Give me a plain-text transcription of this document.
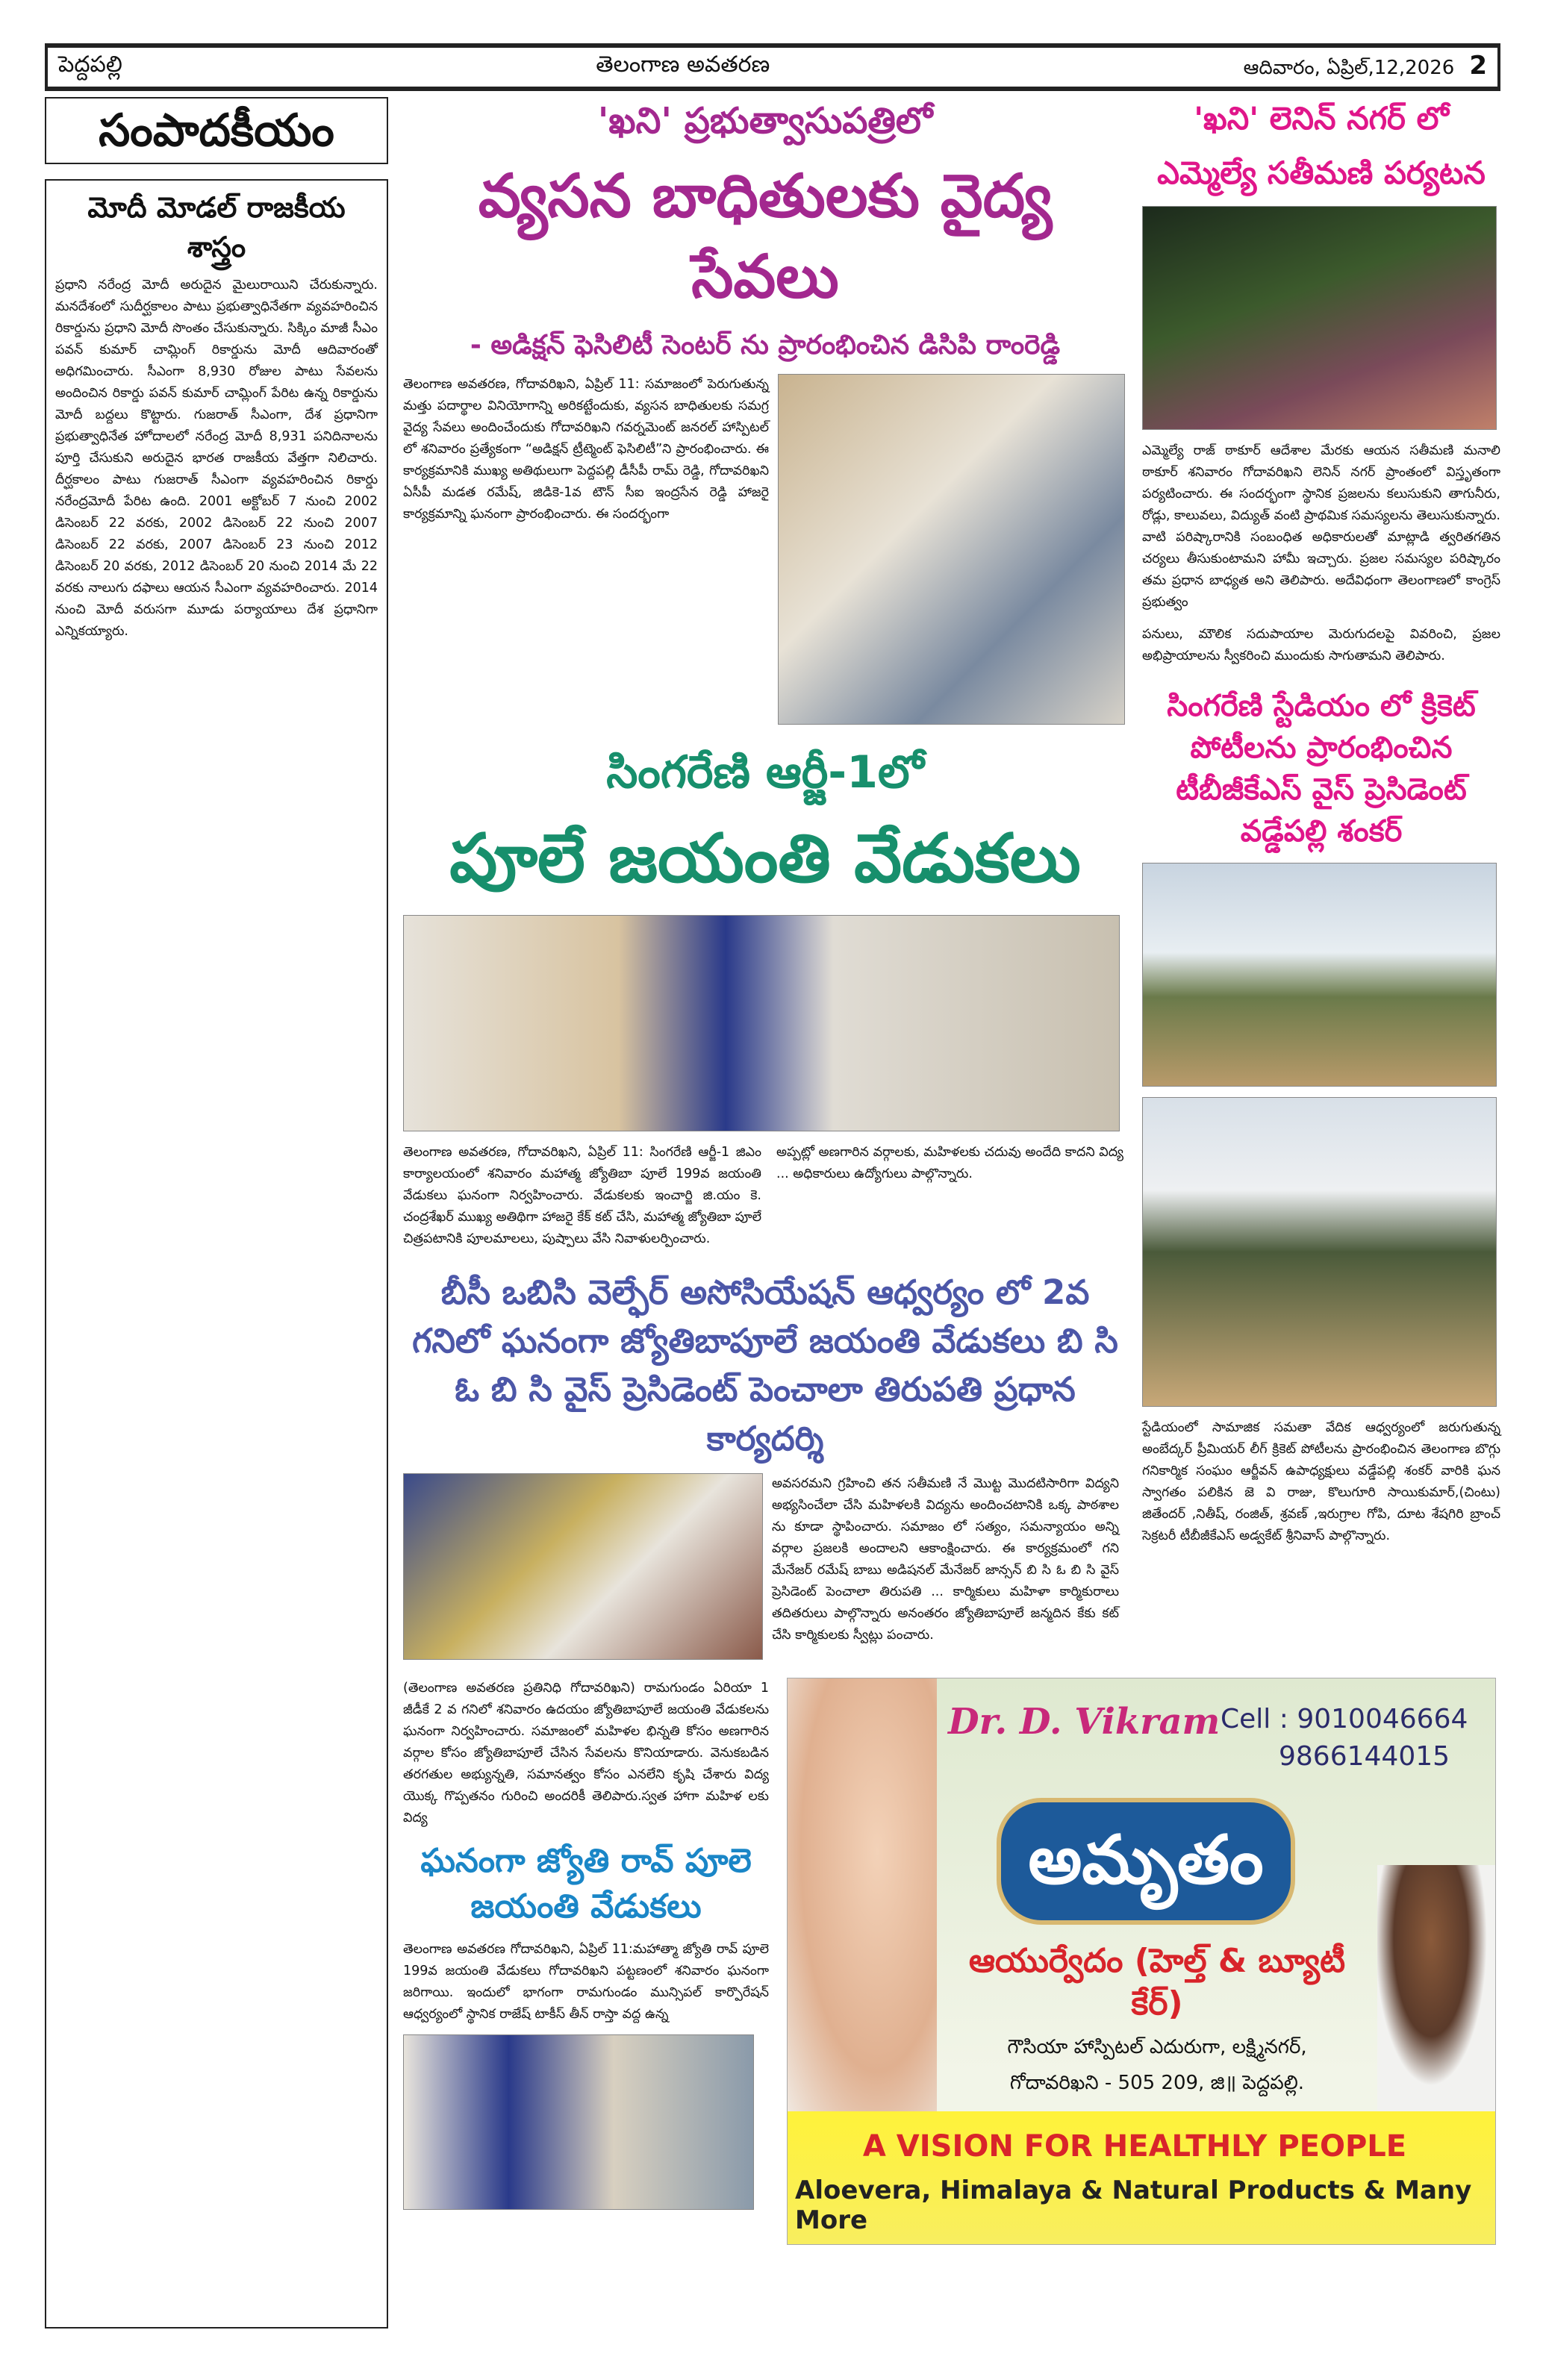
పెద్దపల్లి	తెలంగాణ అవతరణ	ఆదివారం, ఏప్రిల్,12,2026 2
సంపాదకీయం
మోదీ మోడల్ రాజకీయ శాస్త్రం

ప్రధాని నరేంద్ర మోదీ అరుదైన మైలురాయిని చేరుకున్నారు. మనదేశంలో సుదీర్ఘకాలం పాటు ప్రభుత్వాధినేతగా వ్యవహరించిన రికార్డును ప్రధాని మోదీ సొంతం చేసుకున్నారు. సిక్కిం మాజీ సీఎం పవన్ కుమార్ చామ్లింగ్ రికార్డును మోదీ ఆదివారంతో అధిగమించారు. సీఎంగా 8,930 రోజుల పాటు సేవలను అందించిన రికార్డు పవన్ కుమార్ చామ్లింగ్ పేరిట ఉన్న రికార్డును మోదీ బద్దలు కొట్టారు. గుజరాత్ సీఎంగా, దేశ ప్రధానిగా ప్రభుత్వాధినేత హోదాలలో నరేంద్ర మోదీ 8,931 పనిదినాలను పూర్తి చేసుకుని అరుదైన భారత రాజకీయ వేత్తగా నిలిచారు. దీర్ఘకాలం పాటు గుజరాత్ సీఎంగా వ్యవహరించిన రికార్డు నరేంద్రమోదీ పేరిట ఉంది. 2001 అక్టోబర్ 7 నుంచి 2002 డిసెంబర్ 22 వరకు, 2002 డిసెంబర్ 22 నుంచి 2007 డిసెంబర్ 22 వరకు, 2007 డిసెంబర్ 23 నుంచి 2012 డిసెంబర్ 20 వరకు, 2012 డిసెంబర్ 20 నుంచి 2014 మే 22 వరకు నాలుగు దఫాలు ఆయన సీఎంగా వ్యవహరించారు. 2014 నుంచి మోదీ వరుసగా మూడు పర్యాయాలు దేశ ప్రధానిగా ఎన్నికయ్యారు.

'ఖని' ప్రభుత్వాసుపత్రిలో
వ్యసన బాధితులకు వైద్య సేవలు
- అడిక్షన్ ఫెసిలిటీ సెంటర్ ను ప్రారంభించిన డిసిపి రాంరెడ్డి

తెలంగాణ అవతరణ, గోదావరిఖని, ఏప్రిల్ 11: సమాజంలో పెరుగుతున్న మత్తు పదార్థాల వినియోగాన్ని అరికట్టేందుకు, వ్యసన బాధితులకు సమగ్ర వైద్య సేవలు అందించేందుకు గోదావరిఖని గవర్నమెంట్ జనరల్ హాస్పిటల్ లో శనివారం ప్రత్యేకంగా “అడిక్షన్ ట్రీట్మెంట్ ఫెసిలిటీ”ని ప్రారంభించారు. ఈ కార్యక్రమానికి ముఖ్య అతిథులుగా పెద్దపల్లి డీసీపీ రామ్ రెడ్డి, గోదావరిఖని ఏసీపీ మడత రమేష్, జిడికె-1వ టౌన్ సీఐ ఇంద్రసేన రెడ్డి హాజరై కార్యక్రమాన్ని ఘనంగా ప్రారంభించారు. ఈ సందర్భంగా

సింగరేణి ఆర్జీ-1లో
పూలే జయంతి వేడుకలు

తెలంగాణ అవతరణ, గోదావరిఖని, ఏప్రిల్ 11: సింగరేణి ఆర్జీ-1 జిఎం కార్యాలయంలో శనివారం మహాత్మ జ్యోతిబా పూలే 199వ జయంతి వేడుకలు ఘనంగా నిర్వహించారు. వేడుకలకు ఇంచార్జి జి.యం కె. చంద్రశేఖర్ ముఖ్య అతిథిగా హాజరై కేక్ కట్ చేసి, మహాత్మ జ్యోతిబా పూలే చిత్రపటానికి పూలమాలలు, పుష్పాలు వేసి నివాళులర్పించారు.

అప్పట్లో అణగారిన వర్గాలకు, మహిళలకు చదువు అందేది కాదని విద్య ... అధికారులు ఉద్యోగులు పాల్గొన్నారు.

బీసీ ఒబిసి వెల్ఫేర్ అసోసియేషన్ ఆధ్వర్యం లో 2వ గనిలో ఘనంగా జ్యోతిబాపూలే జయంతి వేడుకలు బి సి ఓ బి సి వైస్ ప్రెసిడెంట్ పెంచాలా తిరుపతి ప్రధాన కార్యదర్శి

అవసరమని గ్రహించి తన సతీమణి నే మొట్ట మొదటిసారిగా విద్యని అభ్యసించేలా చేసి మహిళలకి విద్యను అందించటానికి ఒక్క పాఠశాల ను కూడా స్థాపించారు. సమాజం లో సత్యం, సమన్యాయం అన్ని వర్గాల ప్రజలకి అందాలని ఆకాంక్షించారు. ఈ కార్యక్రమంలో గని మేనేజర్ రమేష్ బాబు అడిషనల్ మేనేజర్ జాన్సన్ బి సి ఓ బి సి వైస్ ప్రెసిడెంట్ పెంచాలా తిరుపతి ... కార్మికులు మహిళా కార్మికురాలు తదితరులు పాల్గొన్నారు అనంతరం జ్యోతిబాపూలే జన్మదిన కేకు కట్ చేసి కార్మికులకు స్వీట్లు పంచారు.

'ఖని' లెనిన్ నగర్ లో
ఎమ్మెల్యే సతీమణి పర్యటన

ఎమ్మెల్యే రాజ్ ఠాకూర్ ఆదేశాల మేరకు ఆయన సతీమణి మనాలి ఠాకూర్ శనివారం గోదావరిఖని లెనిన్ నగర్ ప్రాంతంలో విస్తృతంగా పర్యటించారు. ఈ సందర్భంగా స్థానిక ప్రజలను కలుసుకుని తాగునీరు, రోడ్లు, కాలువలు, విద్యుత్ వంటి ప్రాథమిక సమస్యలను తెలుసుకున్నారు. వాటి పరిష్కారానికి సంబంధిత అధికారులతో మాట్లాడి త్వరితగతిన చర్యలు తీసుకుంటామని హామీ ఇచ్చారు. ప్రజల సమస్యల పరిష్కారం తమ ప్రధాన బాధ్యత అని తెలిపారు. అదేవిధంగా తెలంగాణలో కాంగ్రెస్ ప్రభుత్వం

పనులు, మౌలిక సదుపాయాల మెరుగుదలపై వివరించి, ప్రజల అభిప్రాయాలను స్వీకరించి ముందుకు సాగుతామని తెలిపారు.

సింగరేణి స్టేడియం లో క్రికెట్ పోటీలను ప్రారంభించిన టీబీజీకేఎస్ వైస్ ప్రెసిడెంట్ వడ్డేపల్లి శంకర్

స్టేడియంలో సామాజిక సమతా వేదిక ఆధ్వర్యంలో జరుగుతున్న అంబేద్కర్ ప్రీమియర్ లీగ్ క్రికెట్ పోటీలను ప్రారంభించిన తెలంగాణ బొగ్గు గనికార్మిక సంఘం ఆర్జీవన్ ఉపాధ్యక్షులు వడ్డేపల్లి శంకర్ వారికి ఘన స్వాగతం పలికిన జె వి రాజు, కొలుగూరి సాయికుమార్,(చింటు) జితేందర్ ,నితీష్, రంజిత్, శ్రవణ్ ,ఇరుగ్రాల గోపి, దూట శేషగిరి బ్రాంచ్ సెక్రటరీ టీబీజీకేఎస్ అడ్వకేట్ శ్రీనివాస్ పాల్గొన్నారు.

(తెలంగాణ అవతరణ ప్రతినిధి గోదావరిఖని) రామగుండం ఏరియా 1 జీడీకే 2 వ గనిలో శనివారం ఉదయం జ్యోతిబాపూలే జయంతి వేడుకలను ఘనంగా నిర్వహించారు. సమాజంలో మహిళల భిన్నతి కోసం అణగారిన వర్గాల కోసం జ్యోతిబాపూలే చేసిన సేవలను కొనియాడారు. వెనుకబడిన తరగతుల అభ్యున్నతి, సమానత్వం కోసం ఎనలేని కృషి చేశారు విద్య యొక్క గొప్పతనం గురించి అందరికీ తెలిపారు.స్వత హాగా మహిళ లకు విద్య

ఘనంగా జ్యోతి రావ్ పూలె జయంతి వేడుకలు

తెలంగాణ అవతరణ గోదావరిఖని, ఏప్రిల్ 11:మహాత్మా జ్యోతి రావ్ పూలె 199వ జయంతి వేడుకలు గోదావరిఖని పట్టణంలో శనివారం ఘనంగా జరిగాయి. ఇందులో భాగంగా రామగుండం మున్సిపల్ కార్పొరేషన్ ఆధ్వర్యంలో స్థానిక రాజేష్ టాకీస్ తీన్ రాస్తా వద్ద ఉన్న

Dr. D. Vikram Cell : 9010046664
9866144015
అమృతం
ఆయుర్వేదం (హెల్త్ & బ్యూటీ కేర్)
గౌసియా హాస్పిటల్ ఎదురుగా, లక్ష్మినగర్,
గోదావరిఖని - 505 209, జి॥ పెద్దపల్లి.
A VISION FOR HEALTHLY PEOPLE
Aloevera, Himalaya & Natural Products & Many More
